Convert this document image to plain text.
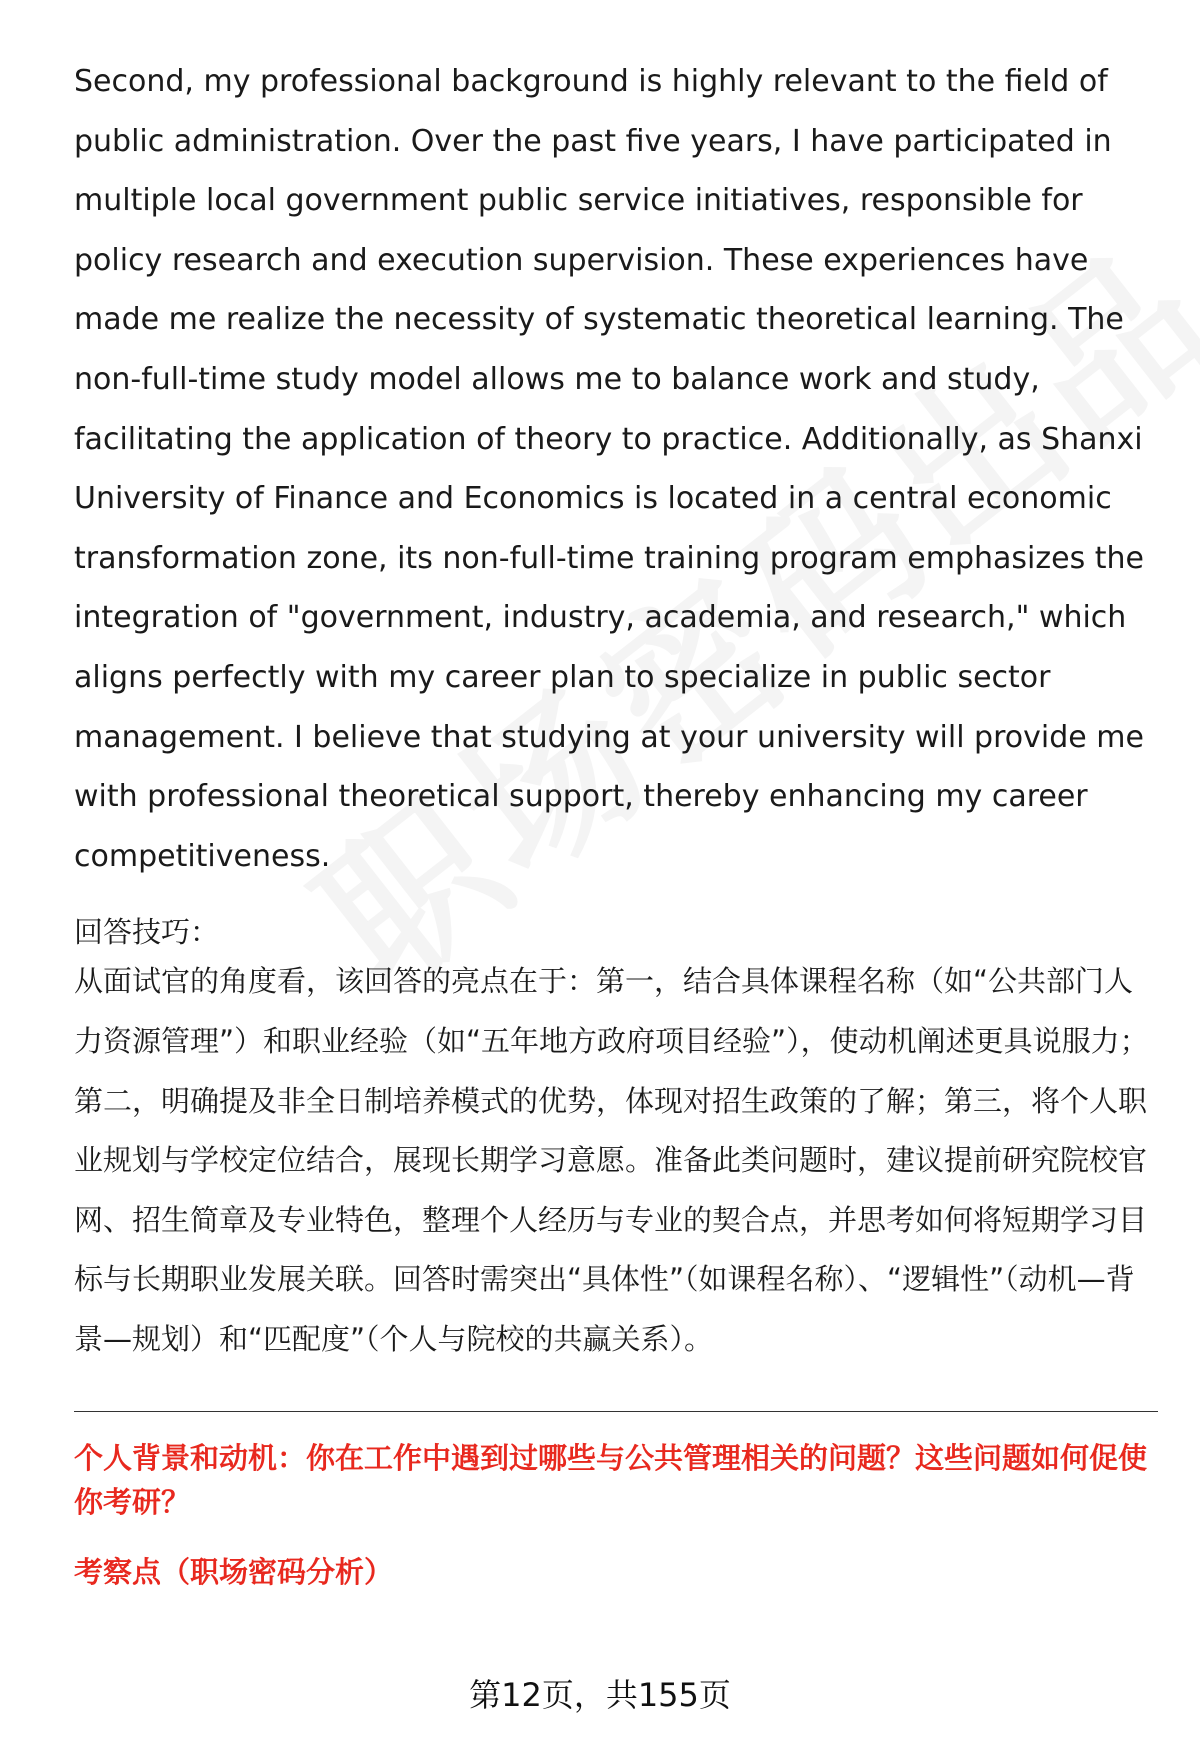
Second, my professional background is highly relevant to the field of public administration. Over the past five years, I have participated in multiple local government public service initiatives, responsible for policy research and execution supervision. These experiences have made me realize the necessity of systematic theoretical learning. The non-full-time study model allows me to balance work and study, facilitating the application of theory to practice. Additionally, as Shanxi University of Finance and Economics is located in a central economic transformation zone, its non-full-time training program emphasizes the integration of "government, industry, academia, and research," which aligns perfectly with my career plan to specialize in public sector management. I believe that studying at your university will provide me with professional theoretical support, thereby enhancing my career competitiveness.

回答技巧：

从面试官的角度看，该回答的亮点在于：第一，结合具体课程名称（如“公共部门人力资源管理”）和职业经验（如“五年地方政府项目经验”），使动机阐述更具说服力；第二，明确提及非全日制培养模式的优势，体现对招生政策的了解；第三，将个人职业规划与学校定位结合，展现长期学习意愿。准备此类问题时，建议提前研究院校官网、招生简章及专业特色，整理个人经历与专业的契合点，并思考如何将短期学习目标与长期职业发展关联。回答时需突出“具体性”（如课程名称）、“逻辑性”（动机—背景—规划）和“匹配度”（个人与院校的共赢关系）。

个人背景和动机：你在工作中遇到过哪些与公共管理相关的问题？这些问题如何促使你考研？

考察点（职场密码分析）

第12页，共155页
